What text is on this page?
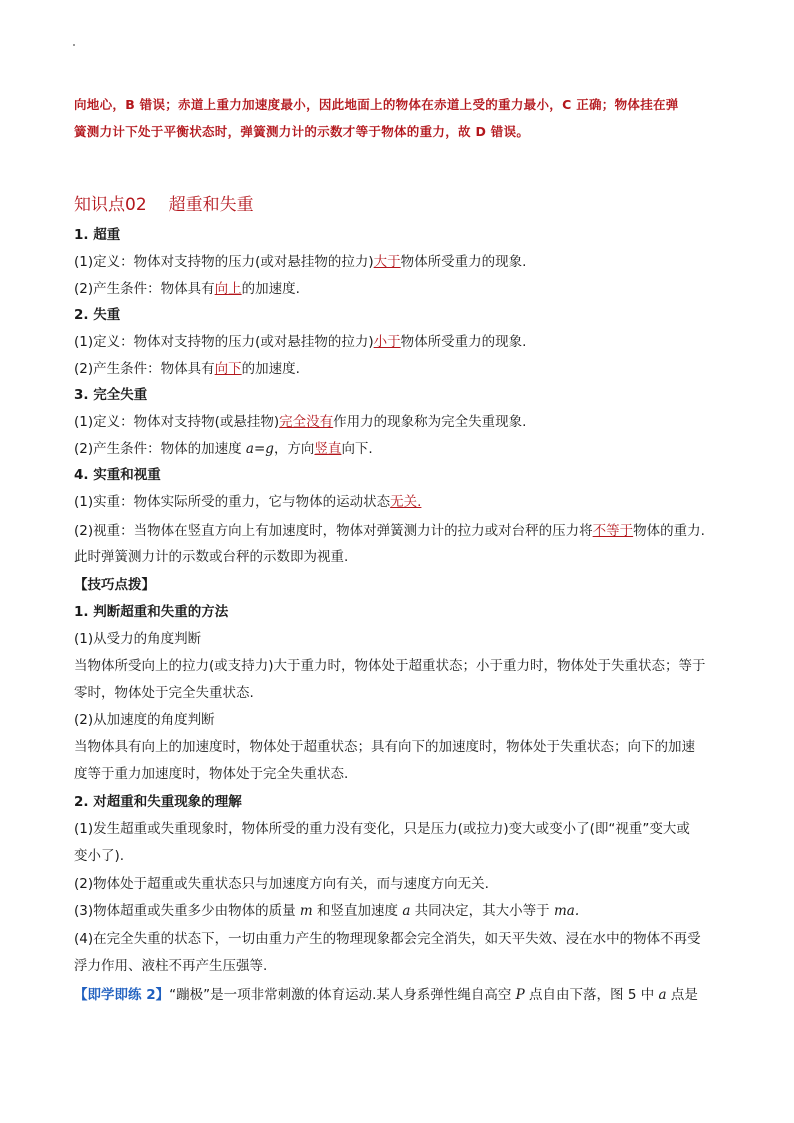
向地心，B 错误；赤道上重力加速度最小，因此地面上的物体在赤道上受的重力最小，C 正确；物体挂在弹
簧测力计下处于平衡状态时，弹簧测力计的示数才等于物体的重力，故 D 错误。
知识点02 超重和失重
1. 超重
(1)定义：物体对支持物的压力(或对悬挂物的拉力)大于物体所受重力的现象.
(2)产生条件：物体具有向上的加速度.
2. 失重
(1)定义：物体对支持物的压力(或对悬挂物的拉力)小于物体所受重力的现象.
(2)产生条件：物体具有向下的加速度.
3. 完全失重
(1)定义：物体对支持物(或悬挂物)完全没有作用力的现象称为完全失重现象.
(2)产生条件：物体的加速度 a=g，方向竖直向下.
4. 实重和视重
(1)实重：物体实际所受的重力，它与物体的运动状态无关.
(2)视重：当物体在竖直方向上有加速度时，物体对弹簧测力计的拉力或对台秤的压力将不等于物体的重力.
此时弹簧测力计的示数或台秤的示数即为视重.
【技巧点拨】
1. 判断超重和失重的方法
(1)从受力的角度判断
当物体所受向上的拉力(或支持力)大于重力时，物体处于超重状态；小于重力时，物体处于失重状态；等于
零时，物体处于完全失重状态.
(2)从加速度的角度判断
当物体具有向上的加速度时，物体处于超重状态；具有向下的加速度时，物体处于失重状态；向下的加速
度等于重力加速度时，物体处于完全失重状态.
2. 对超重和失重现象的理解
(1)发生超重或失重现象时，物体所受的重力没有变化，只是压力(或拉力)变大或变小了(即“视重”变大或
变小了).
(2)物体处于超重或失重状态只与加速度方向有关，而与速度方向无关.
(3)物体超重或失重多少由物体的质量 m 和竖直加速度 a 共同决定，其大小等于 ma.
(4)在完全失重的状态下，一切由重力产生的物理现象都会完全消失，如天平失效、浸在水中的物体不再受
浮力作用、液柱不再产生压强等.
【即学即练 2】“蹦极”是一项非常刺激的体育运动.某人身系弹性绳自高空 P 点自由下落，图 5 中 a 点是
